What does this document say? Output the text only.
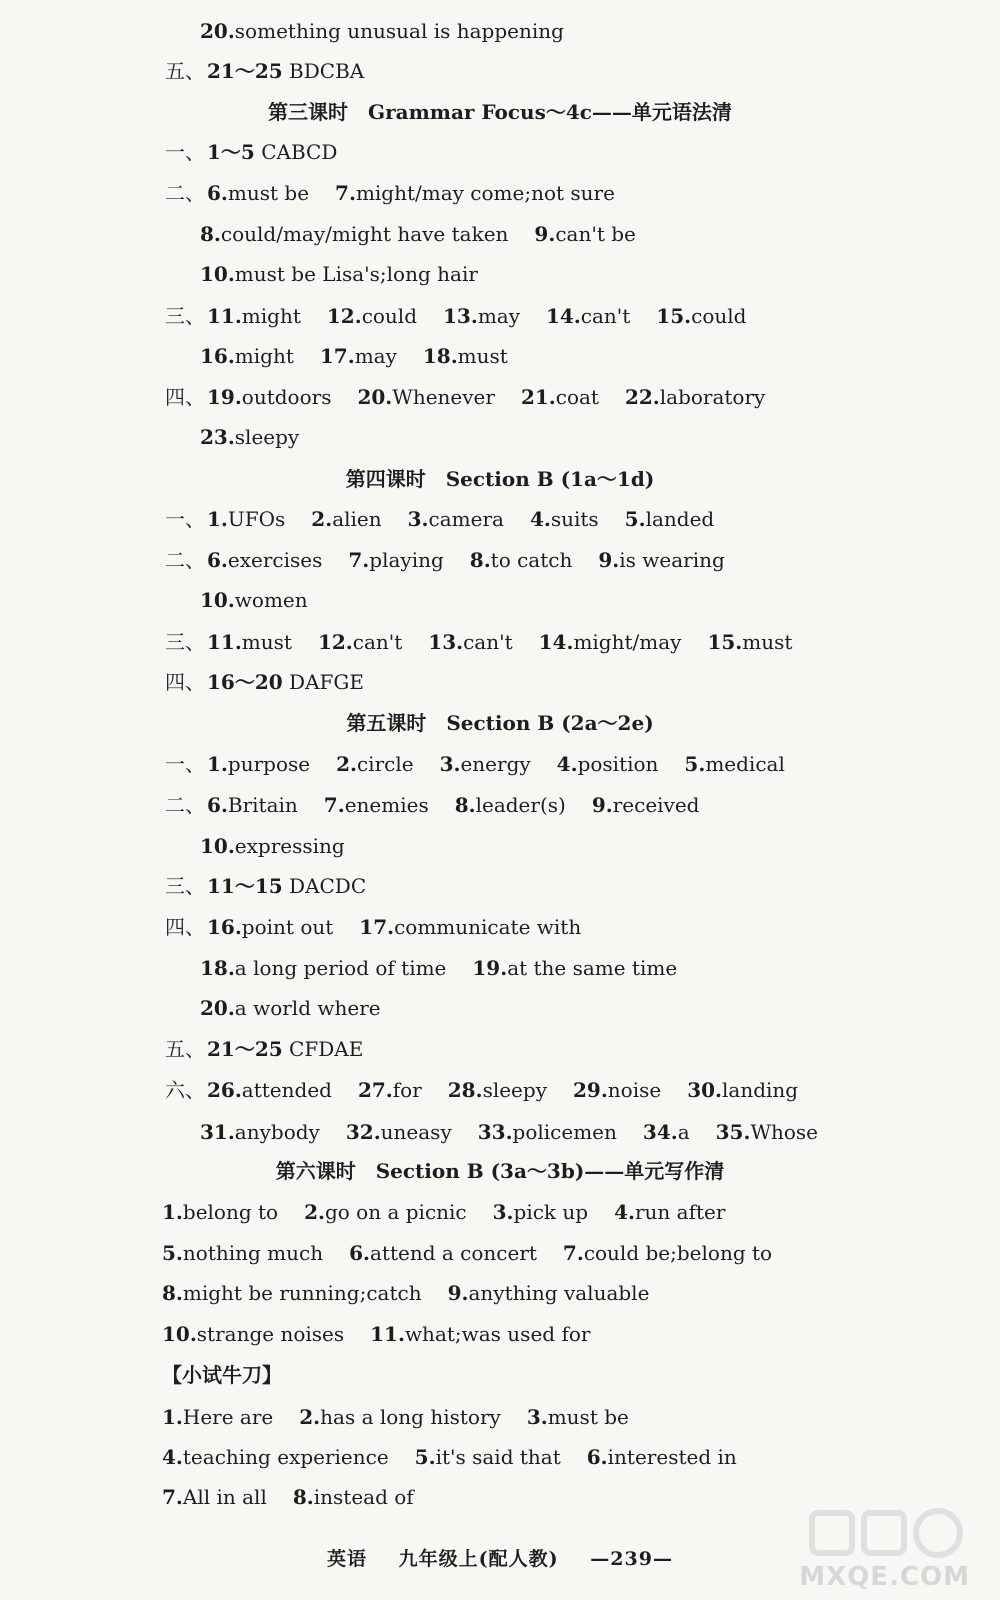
20.something unusual is happening
五、 21～25 BDCBA
第三课时　Grammar Focus～4c——单元语法清
一、 1～5 CABCD
二、 6.must be 7.might/may come;not sure
8.could/may/might have taken 9.can't be
10.must be Lisa's;long hair
三、 11.might 12.could 13.may 14.can't 15.could
16.might 17.may 18.must
四、 19.outdoors 20.Whenever 21.coat 22.laboratory
23.sleepy
第四课时　Section B (1a～1d)
一、 1.UFOs 2.alien 3.camera 4.suits 5.landed
二、 6.exercises 7.playing 8.to catch 9.is wearing
10.women
三、 11.must 12.can't 13.can't 14.might/may 15.must
四、 16～20 DAFGE
第五课时　Section B (2a～2e)
一、 1.purpose 2.circle 3.energy 4.position 5.medical
二、 6.Britain 7.enemies 8.leader(s) 9.received
10.expressing
三、 11～15 DACDC
四、 16.point out 17.communicate with
18.a long period of time 19.at the same time
20.a world where
五、 21～25 CFDAE
六、 26.attended 27.for 28.sleepy 29.noise 30.landing
31.anybody 32.uneasy 33.policemen 34.a 35.Whose
第六课时　Section B (3a～3b)——单元写作清
1.belong to 2.go on a picnic 3.pick up 4.run after
5.nothing much 6.attend a concert 7.could be;belong to
8.might be running;catch 9.anything valuable
10.strange noises 11.what;was used for
【小试牛刀】
1.Here are 2.has a long history 3.must be
4.teaching experience 5.it's said that 6.interested in
7.All in all 8.instead of
英语 九年级上(配人教) —239—
MXQE.COM
